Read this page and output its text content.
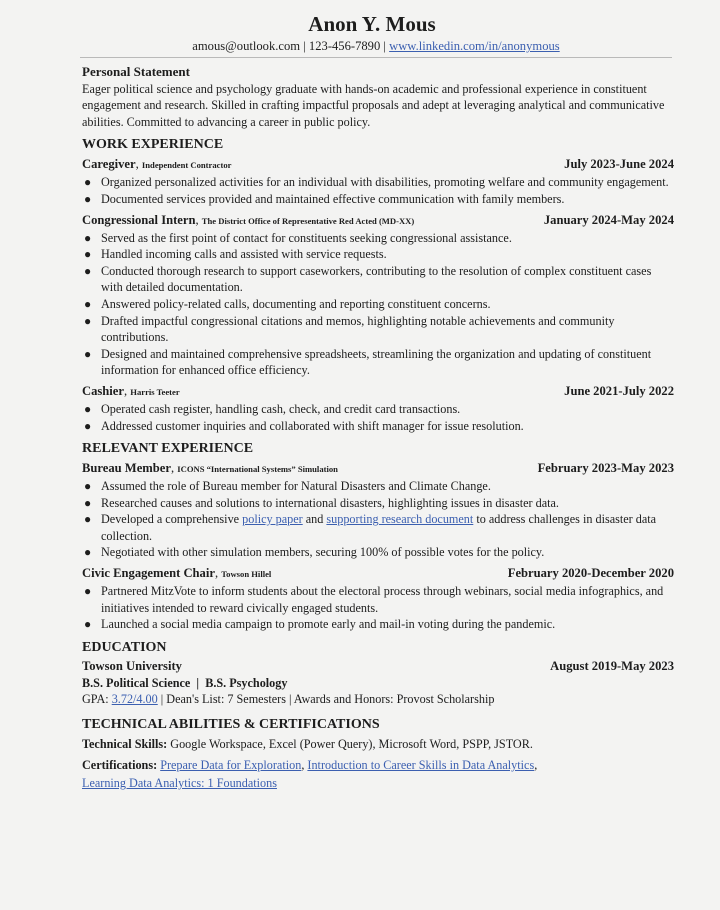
Anon Y. Mous
amous@outlook.com | 123-456-7890 | www.linkedin.com/in/anonymous
Personal Statement
Eager political science and psychology graduate with hands-on academic and professional experience in constituent engagement and research. Skilled in crafting impactful proposals and adept at leveraging analytical and communicative abilities. Committed to advancing a career in public policy.
WORK EXPERIENCE
Caregiver, Independent Contractor	July 2023-June 2024
● Organized personalized activities for an individual with disabilities, promoting welfare and community engagement.
● Documented services provided and maintained effective communication with family members.
Congressional Intern, The District Office of Representative Red Acted (MD-XX)	January 2024-May 2024
● Served as the first point of contact for constituents seeking congressional assistance.
● Handled incoming calls and assisted with service requests.
● Conducted thorough research to support caseworkers, contributing to the resolution of complex constituent cases with detailed documentation.
● Answered policy-related calls, documenting and reporting constituent concerns.
● Drafted impactful congressional citations and memos, highlighting notable achievements and community contributions.
● Designed and maintained comprehensive spreadsheets, streamlining the organization and updating of constituent information for enhanced office efficiency.
Cashier, Harris Teeter	June 2021-July 2022
● Operated cash register, handling cash, check, and credit card transactions.
● Addressed customer inquiries and collaborated with shift manager for issue resolution.
RELEVANT EXPERIENCE
Bureau Member, ICONS “International Systems” Simulation	February 2023-May 2023
● Assumed the role of Bureau member for Natural Disasters and Climate Change.
● Researched causes and solutions to international disasters, highlighting issues in disaster data.
● Developed a comprehensive policy paper and supporting research document to address challenges in disaster data collection.
● Negotiated with other simulation members, securing 100% of possible votes for the policy.
Civic Engagement Chair, Towson Hillel	February 2020-December 2020
● Partnered MitzVote to inform students about the electoral process through webinars, social media infographics, and initiatives intended to reward civically engaged students.
● Launched a social media campaign to promote early and mail-in voting during the pandemic.
EDUCATION
Towson University	August 2019-May 2023
B.S. Political Science  |  B.S. Psychology
GPA: 3.72/4.00 | Dean's List: 7 Semesters | Awards and Honors: Provost Scholarship
TECHNICAL ABILITIES & CERTIFICATIONS
Technical Skills: Google Workspace, Excel (Power Query), Microsoft Word, PSPP, JSTOR.
Certifications: Prepare Data for Exploration, Introduction to Career Skills in Data Analytics,
Learning Data Analytics: 1 Foundations
